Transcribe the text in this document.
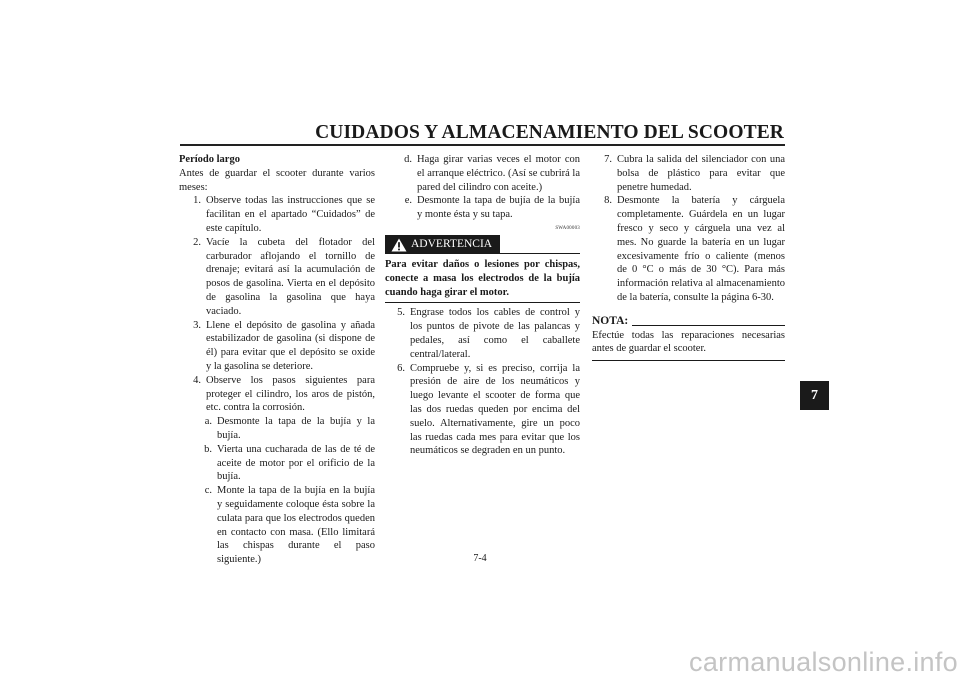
CUIDADOS Y ALMACENAMIENTO DEL SCOOTER
Período largo
Antes de guardar el scooter durante varios meses:
1. Observe todas las instrucciones que se facilitan en el apartado “Cuidados” de este capítulo.
2. Vacíe la cubeta del flotador del carburador aflojando el tornillo de drenaje; evitará así la acumulación de posos de gasolina. Vierta en el depósito de gasolina la gasolina que haya vaciado.
3. Llene el depósito de gasolina y añada estabilizador de gasolina (si dispone de él) para evitar que el depósito se oxide y la gasolina se deteriore.
4. Observe los pasos siguientes para proteger el cilindro, los aros de pistón, etc. contra la corrosión.
a. Desmonte la tapa de la bujía y la bujía.
b. Vierta una cucharada de las de té de aceite de motor por el orificio de la bujía.
c. Monte la tapa de la bujía en la bujía y seguidamente coloque ésta sobre la culata para que los electrodos queden en contacto con masa. (Ello limitará las chispas durante el paso siguiente.)
d. Haga girar varias veces el motor con el arranque eléctrico. (Así se cubrirá la pared del cilindro con aceite.)
e. Desmonte la tapa de bujía de la bujía y monte ésta y su tapa.
SWA00003
ADVERTENCIA
Para evitar daños o lesiones por chispas, conecte a masa los electrodos de la bujía cuando haga girar el motor.
5. Engrase todos los cables de control y los puntos de pivote de las palancas y pedales, así como el caballete central/lateral.
6. Compruebe y, si es preciso, corrija la presión de aire de los neumáticos y luego levante el scooter de forma que las dos ruedas queden por encima del suelo. Alternativamente, gire un poco las ruedas cada mes para evitar que los neumáticos se degraden en un punto.
7. Cubra la salida del silenciador con una bolsa de plástico para evitar que penetre humedad.
8. Desmonte la batería y cárguela completamente. Guárdela en un lugar fresco y seco y cárguela una vez al mes. No guarde la batería en un lugar excesivamente frío o caliente (menos de 0 °C o más de 30 °C). Para más información relativa al almacenamiento de la batería, consulte la página 6-30.
NOTA:
Efectúe todas las reparaciones necesarias antes de guardar el scooter.
7
7-4
carmanualsonline.info
